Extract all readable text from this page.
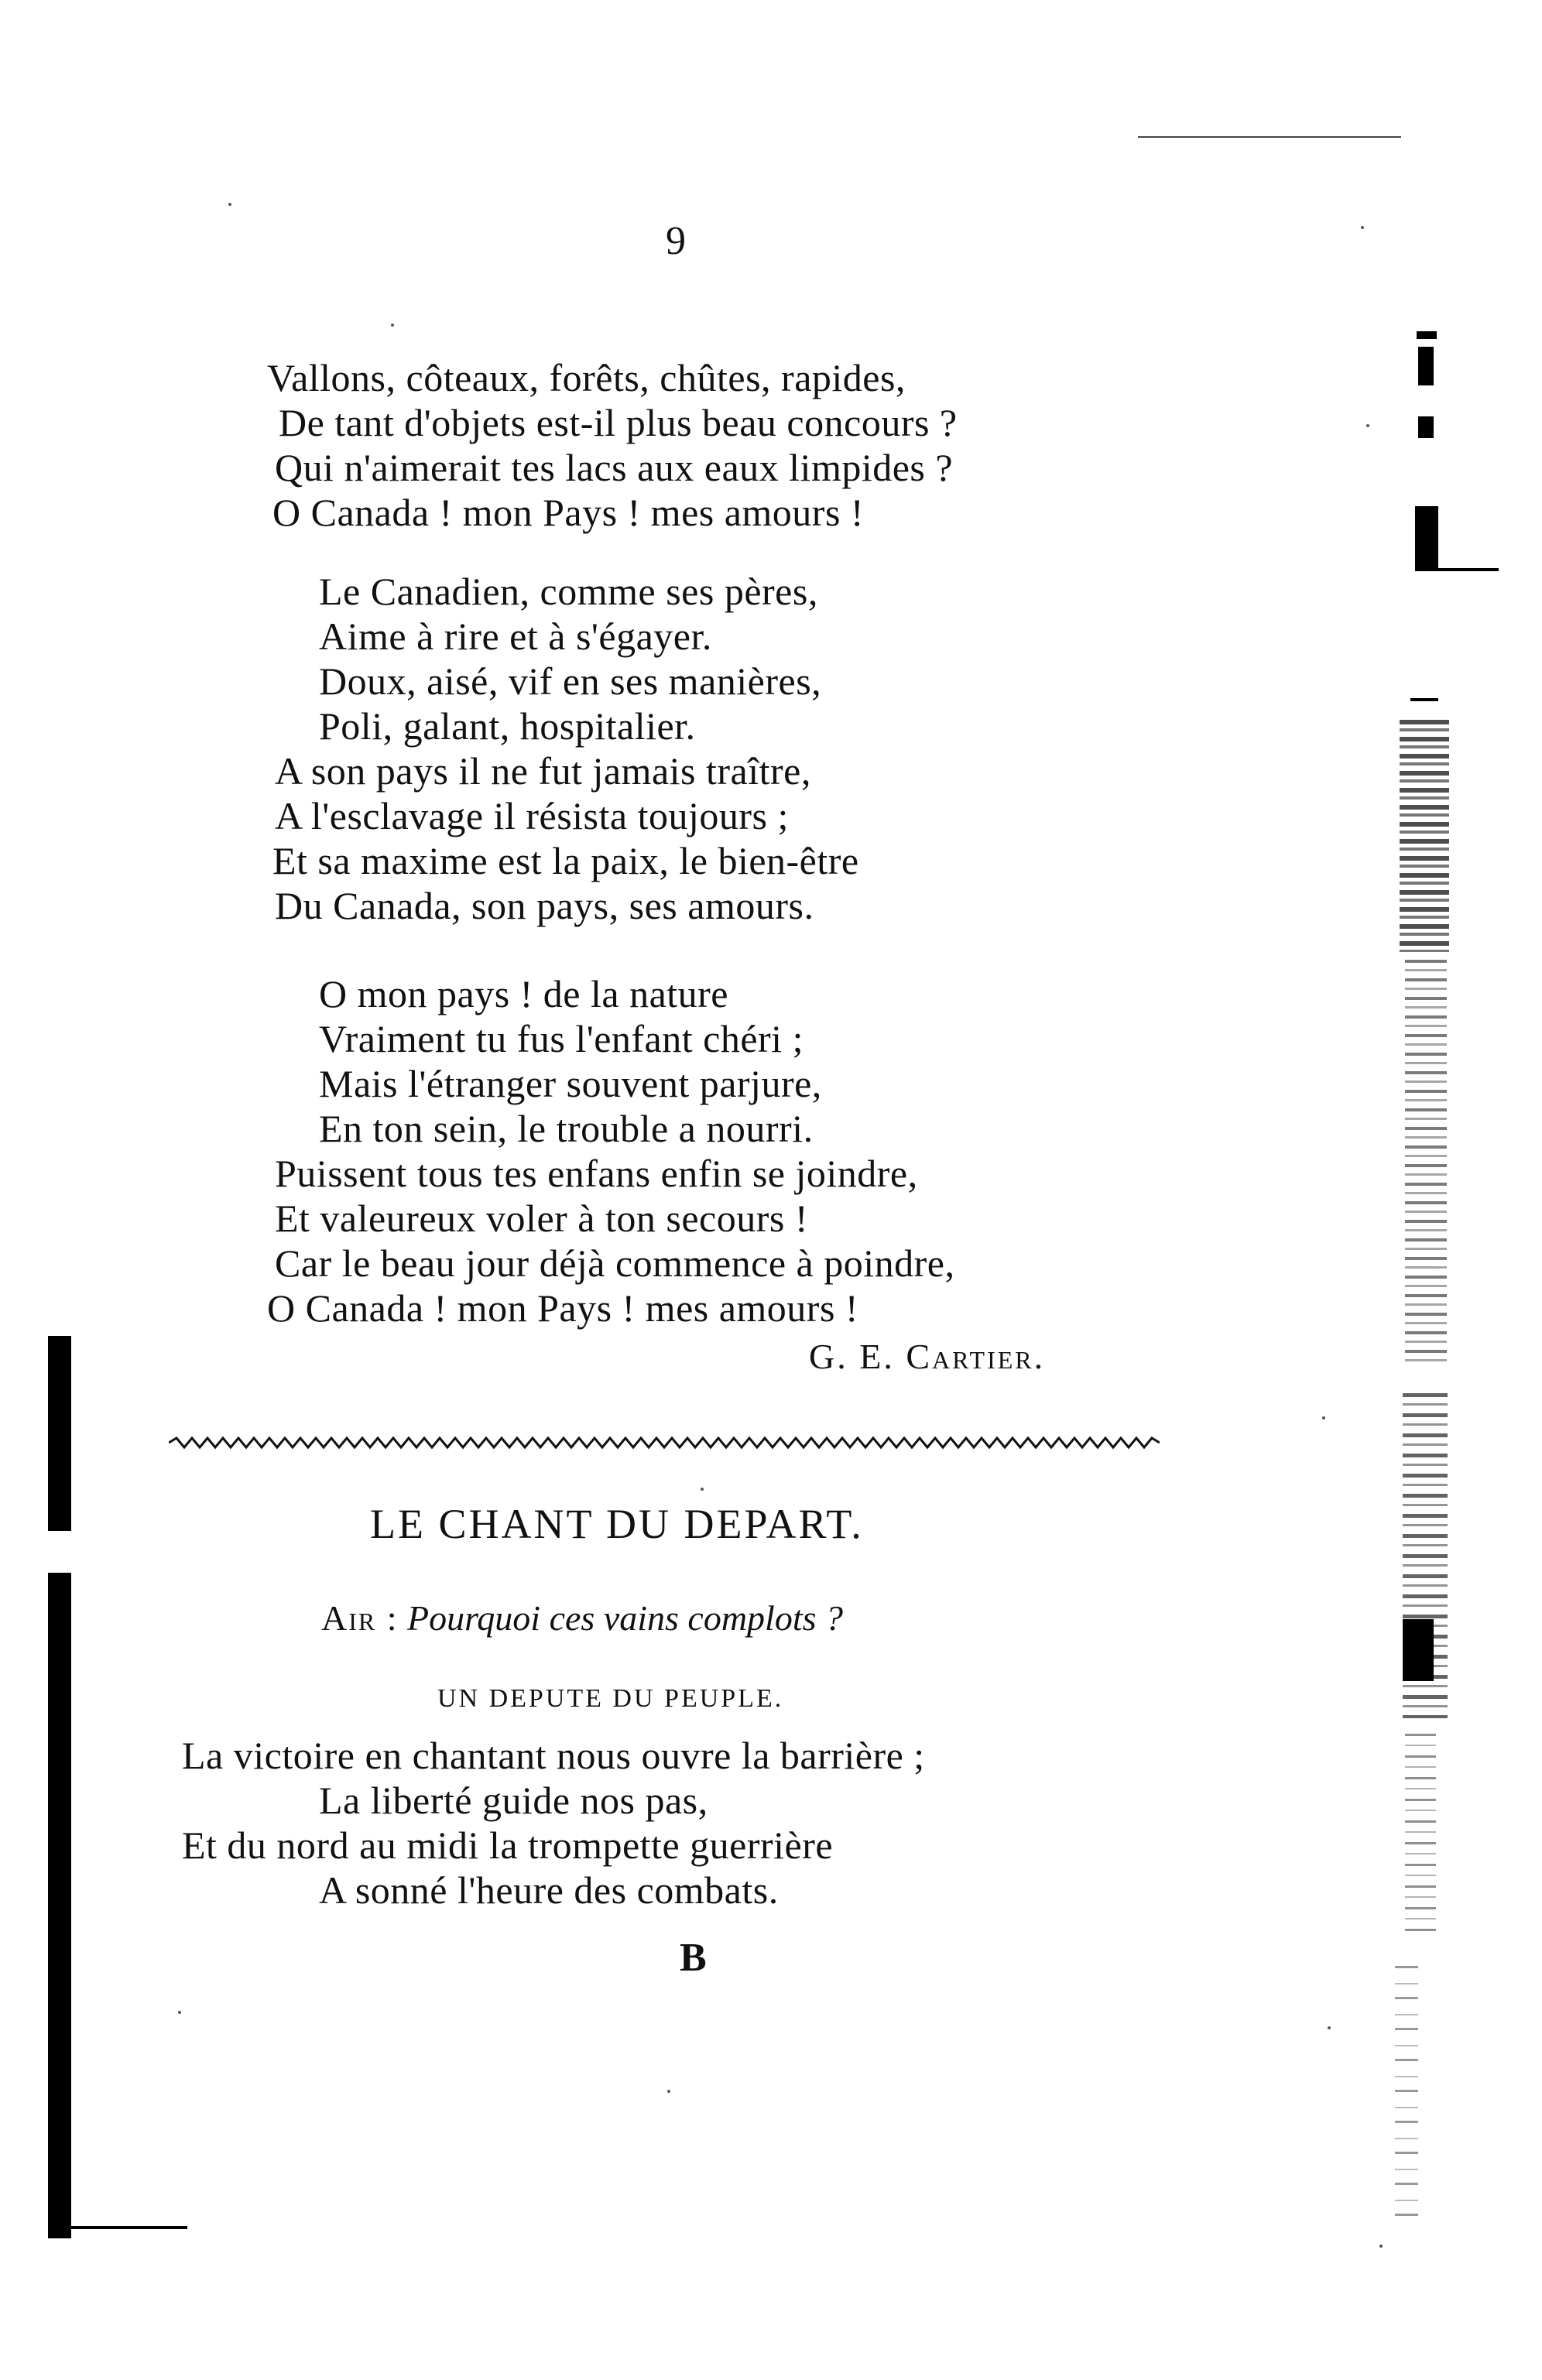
9
Vallons, côteaux, forêts, chûtes, rapides,
De tant d'objets est-il plus beau concours ?
Qui n'aimerait tes lacs aux eaux limpides ?
O Canada ! mon Pays ! mes amours !
Le Canadien, comme ses pères,
Aime à rire et à s'égayer.
Doux, aisé, vif en ses manières,
Poli, galant, hospitalier.
A son pays il ne fut jamais traître,
A l'esclavage il résista toujours ;
Et sa maxime est la paix, le bien-être
Du Canada, son pays, ses amours.
O mon pays ! de la nature
Vraiment tu fus l'enfant chéri ;
Mais l'étranger souvent parjure,
En ton sein, le trouble a nourri.
Puissent tous tes enfans enfin se joindre,
Et valeureux voler à ton secours !
Car le beau jour déjà commence à poindre,
O Canada ! mon Pays ! mes amours !
G. E. Cartier.
LE CHANT DU DEPART.
Air : Pourquoi ces vains complots ?
UN DEPUTE DU PEUPLE.
La victoire en chantant nous ouvre la barrière ;
La liberté guide nos pas,
Et du nord au midi la trompette guerrière
A sonné l'heure des combats.
B
